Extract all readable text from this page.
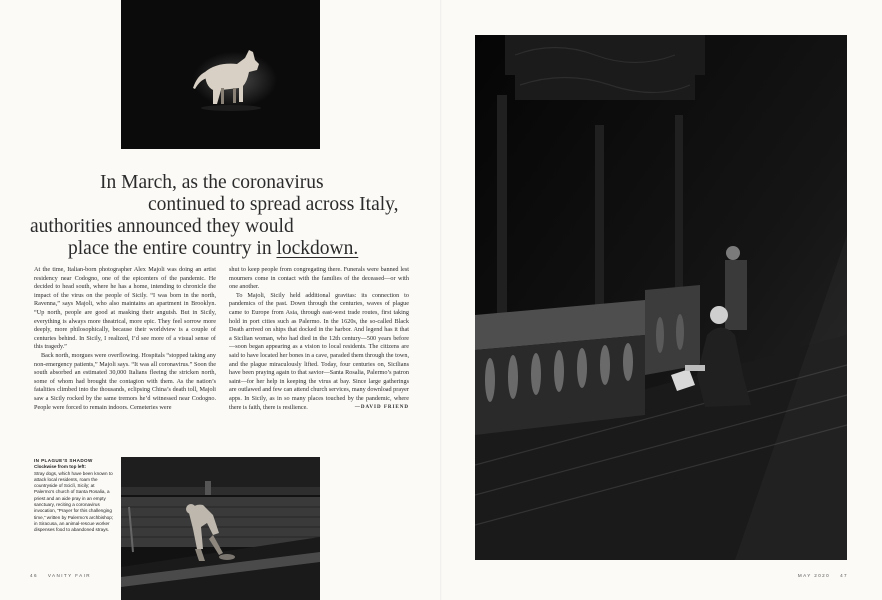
In March, as the coronavirus
continued to spread across Italy,
authorities announced they would
place the entire country in lockdown.

At the time, Italian-born photographer Alex Majoli was doing an artist residency near Codogno, one of the epicenters of the pandemic. He decided to head south, where he has a home, intending to chronicle the impact of the virus on the people of Sicily. “I was born in the north, Ravenna,” says Majoli, who also maintains an apartment in Brooklyn. “Up north, people are good at masking their anguish. But in Sicily, everything is always more theatrical, more epic. They feel sorrow more deeply, more philosophically, because their worldview is a couple of centuries behind. In Sicily, I realized, I’d see more of a visual sense of this tragedy.”

Back north, morgues were overflowing. Hospitals “stopped taking any non-emergency patients,” Majoli says. “It was all coronavirus.” Soon the south absorbed an estimated 30,000 Italians fleeing the stricken north, some of whom had brought the contagion with them. As the nation’s fatalities climbed into the thousands, eclipsing China’s death toll, Majoli saw a Sicily rocked by the same tremors he’d witnessed near Codogno. People were forced to remain indoors. Cemeteries were

shut to keep people from congregating there. Funerals were banned lest mourners come in contact with the families of the deceased—or with one another.

To Majoli, Sicily held additional gravitas: its connection to pandemics of the past. Down through the centuries, waves of plague came to Europe from Asia, through east-west trade routes, first taking hold in port cities such as Palermo. In the 1620s, the so-called Black Death arrived on ships that docked in the harbor. And legend has it that a Sicilian woman, who had died in the 12th century—500 years before—soon began appearing as a vision to local residents. The citizens are said to have located her bones in a cave, paraded them through the town, and the plague miraculously lifted. Today, four centuries on, Sicilians have been praying again to that savior—Santa Rosalia, Palermo’s patron saint—for her help in keeping the virus at bay. Since large gatherings are outlawed and few can attend church services, many download prayer apps. In Sicily, as in so many places touched by the pandemic, where there is faith, there is resilience.	—DAVID FRIEND

IN PLAGUE’S SHADOW
Clockwise from top left:
Stray dogs, which have been known to attack local residents, roam the countryside of Sciclì, Sicily; at Palermo’s church of Santa Rosalia, a priest and an aide pray in an empty sanctuary, reciting a coronavirus invocation, “Prayer for this challenging time,” written by Palermo’s archbishop; in Siracusa, an animal-rescue worker dispenses food to abandoned strays.
46 VANITY FAIR	MAY 2020 47
